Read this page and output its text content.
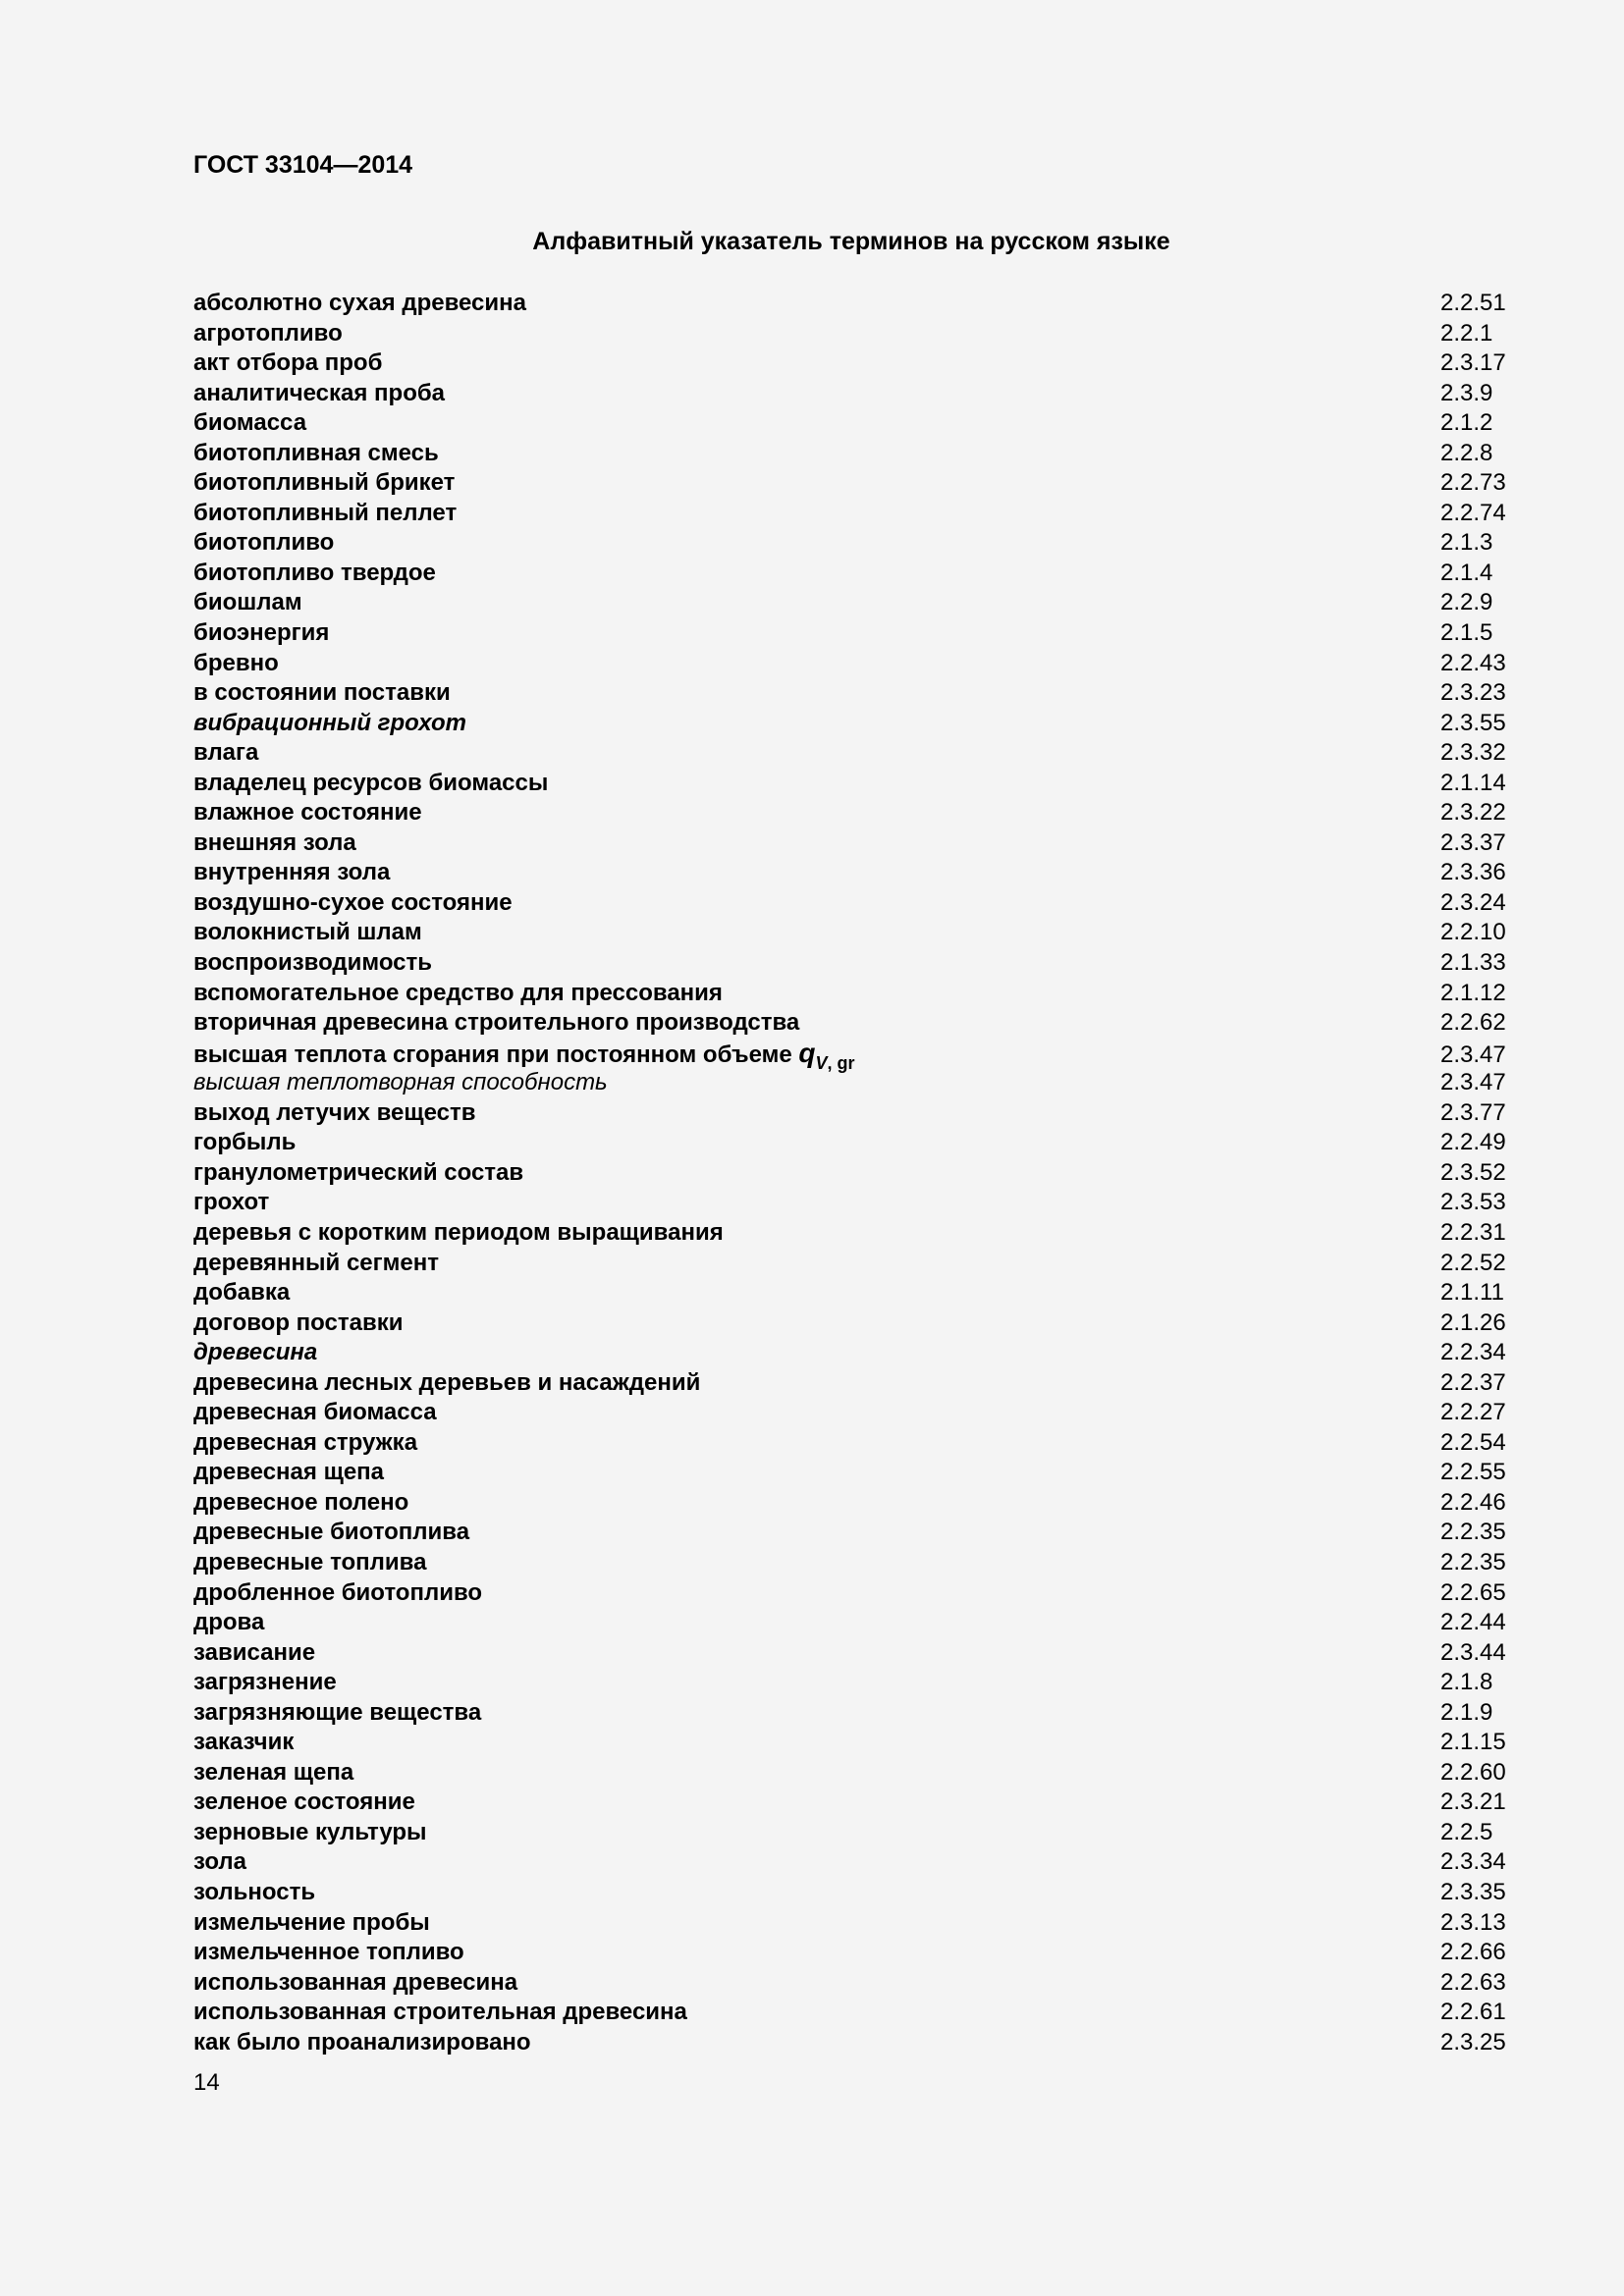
ГОСТ 33104—2014

Алфавитный указатель терминов на русском языке
абсолютно сухая древесина	2.2.51
агротопливо	2.2.1
акт отбора проб	2.3.17
аналитическая проба	2.3.9
биомасса	2.1.2
биотопливная смесь	2.2.8
биотопливный брикет	2.2.73
биотопливный пеллет	2.2.74
биотопливо	2.1.3
биотопливо твердое	2.1.4
биошлам	2.2.9
биоэнергия	2.1.5
бревно	2.2.43
в состоянии поставки	2.3.23
вибрационный грохот	2.3.55
влага	2.3.32
владелец ресурсов биомассы	2.1.14
влажное состояние	2.3.22
внешняя зола	2.3.37
внутренняя зола	2.3.36
воздушно-сухое состояние	2.3.24
волокнистый шлам	2.2.10
воспроизводимость	2.1.33
вспомогательное средство для прессования	2.1.12
вторичная древесина строительного производства	2.2.62
высшая теплота сгорания при постоянном объеме $q_{V, gr}$	2.3.47
высшая теплотворная способность	2.3.47
выход летучих веществ	2.3.77
горбыль	2.2.49
гранулометрический состав	2.3.52
грохот	2.3.53
деревья с коротким периодом выращивания	2.2.31
деревянный сегмент	2.2.52
добавка	2.1.11
договор поставки	2.1.26
древесина	2.2.34
древесина лесных деревьев и насаждений	2.2.37
древесная биомасса	2.2.27
древесная стружка	2.2.54
древесная щепа	2.2.55
древесное полено	2.2.46
древесные биотоплива	2.2.35
древесные топлива	2.2.35
дробленное биотопливо	2.2.65
дрова	2.2.44
зависание	2.3.44
загрязнение	2.1.8
загрязняющие вещества	2.1.9
заказчик	2.1.15
зеленая щепа	2.2.60
зеленое состояние	2.3.21
зерновые культуры	2.2.5
зола	2.3.34
зольность	2.3.35
измельчение пробы	2.3.13
измельченное топливо	2.2.66
использованная древесина	2.2.63
использованная строительная древесина	2.2.61
как было проанализировано	2.3.25

14
